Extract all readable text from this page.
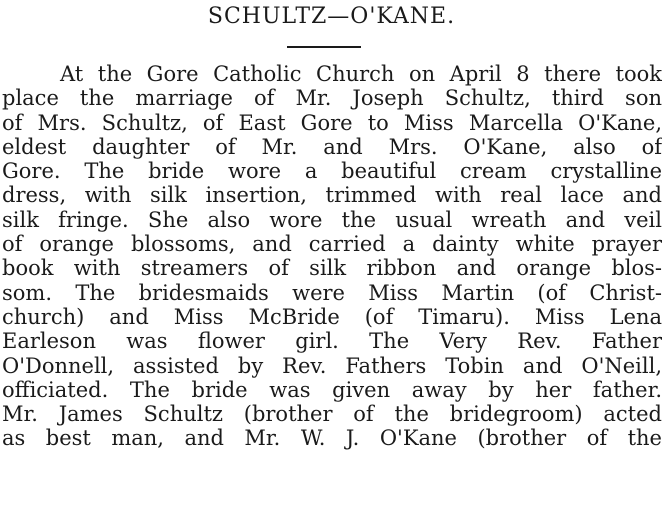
SCHULTZ—O'KANE.
At the Gore Catholic Church on April 8 there took
place the marriage of Mr. Joseph Schultz, third son
of Mrs. Schultz, of East Gore to Miss Marcella O'Kane,
eldest daughter of Mr. and Mrs. O'Kane, also of
Gore. The bride wore a beautiful cream crystalline
dress, with silk insertion, trimmed with real lace and
silk fringe. She also wore the usual wreath and veil
of orange blossoms, and carried a dainty white prayer
book with streamers of silk ribbon and orange blos-
som. The bridesmaids were Miss Martin (of Christ-
church) and Miss McBride (of Timaru). Miss Lena
Earleson was flower girl. The Very Rev. Father
O'Donnell, assisted by Rev. Fathers Tobin and O'Neill,
officiated. The bride was given away by her father.
Mr. James Schultz (brother of the bridegroom) acted
as best man, and Mr. W. J. O'Kane (brother of the
